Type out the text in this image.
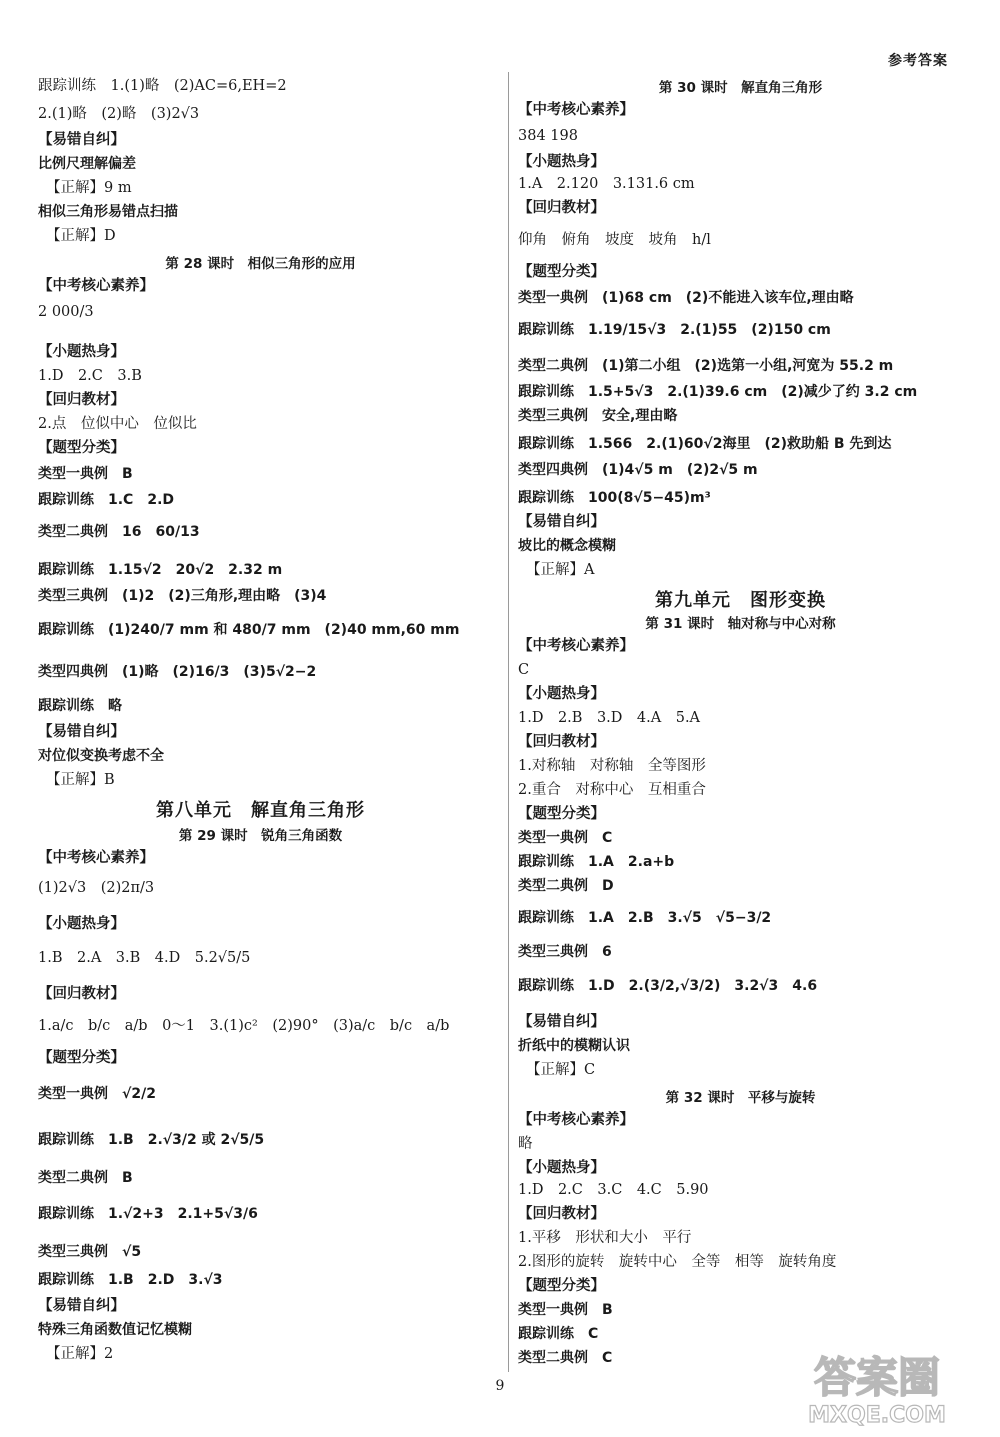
参考答案
跟踪训练　1.(1)略　(2)AC=6,EH=2
2.(1)略　(2)略　(3)2√3
【易错自纠】
比例尺理解偏差
【正解】9 m
相似三角形易错点扫描
【正解】D
第 28 课时　相似三角形的应用
【中考核心素养】
2 000/3
【小题热身】
1.D　2.C　3.B
【回归教材】
2.点　位似中心　位似比
【题型分类】
类型一典例　B
跟踪训练　1.C　2.D
类型二典例　16　60/13
跟踪训练　1.15√2　20√2　2.32 m
类型三典例　(1)2　(2)三角形,理由略　(3)4
跟踪训练　(1)240/7 mm 和 480/7 mm　(2)40 mm,60 mm
类型四典例　(1)略　(2)16/3　(3)5√2−2
跟踪训练　略
【易错自纠】
对位似变换考虑不全
【正解】B
第八单元　解直角三角形
第 29 课时　锐角三角函数
【中考核心素养】
(1)2√3　(2)2π/3
【小题热身】
1.B　2.A　3.B　4.D　5.2√5/5
【回归教材】
1.a/c　b/c　a/b　0～1　3.(1)c²　(2)90°　(3)a/c　b/c　a/b
【题型分类】
类型一典例　√2/2
跟踪训练　1.B　2.√3/2 或 2√5/5
类型二典例　B
跟踪训练　1.√2+3　2.1+5√3/6
类型三典例　√5
跟踪训练　1.B　2.D　3.√3
【易错自纠】
特殊三角函数值记忆模糊
【正解】2
第 30 课时　解直角三角形
【中考核心素养】
384 198
【小题热身】
1.A　2.120　3.131.6 cm
【回归教材】
仰角　俯角　坡度　坡角　h/l
【题型分类】
类型一典例　(1)68 cm　(2)不能进入该车位,理由略
跟踪训练　1.19/15√3　2.(1)55　(2)150 cm
类型二典例　(1)第二小组　(2)选第一小组,河宽为 55.2 m
跟踪训练　1.5+5√3　2.(1)39.6 cm　(2)减少了约 3.2 cm
类型三典例　安全,理由略
跟踪训练　1.566　2.(1)60√2海里　(2)救助船 B 先到达
类型四典例　(1)4√5 m　(2)2√5 m
跟踪训练　100(8√5−45)m³
【易错自纠】
坡比的概念模糊
【正解】A
第九单元　图形变换
第 31 课时　轴对称与中心对称
【中考核心素养】
C
【小题热身】
1.D　2.B　3.D　4.A　5.A
【回归教材】
1.对称轴　对称轴　全等图形
2.重合　对称中心　互相重合
【题型分类】
类型一典例　C
跟踪训练　1.A　2.a+b
类型二典例　D
跟踪训练　1.A　2.B　3.√5　√5−3/2
类型三典例　6
跟踪训练　1.D　2.(3/2,√3/2)　3.2√3　4.6
【易错自纠】
折纸中的模糊认识
【正解】C
第 32 课时　平移与旋转
【中考核心素养】
略
【小题热身】
1.D　2.C　3.C　4.C　5.90
【回归教材】
1.平移　形状和大小　平行
2.图形的旋转　旋转中心　全等　相等　旋转角度
【题型分类】
类型一典例　B
跟踪训练　C
类型二典例　C
9	答案圈
MXQE.COM
